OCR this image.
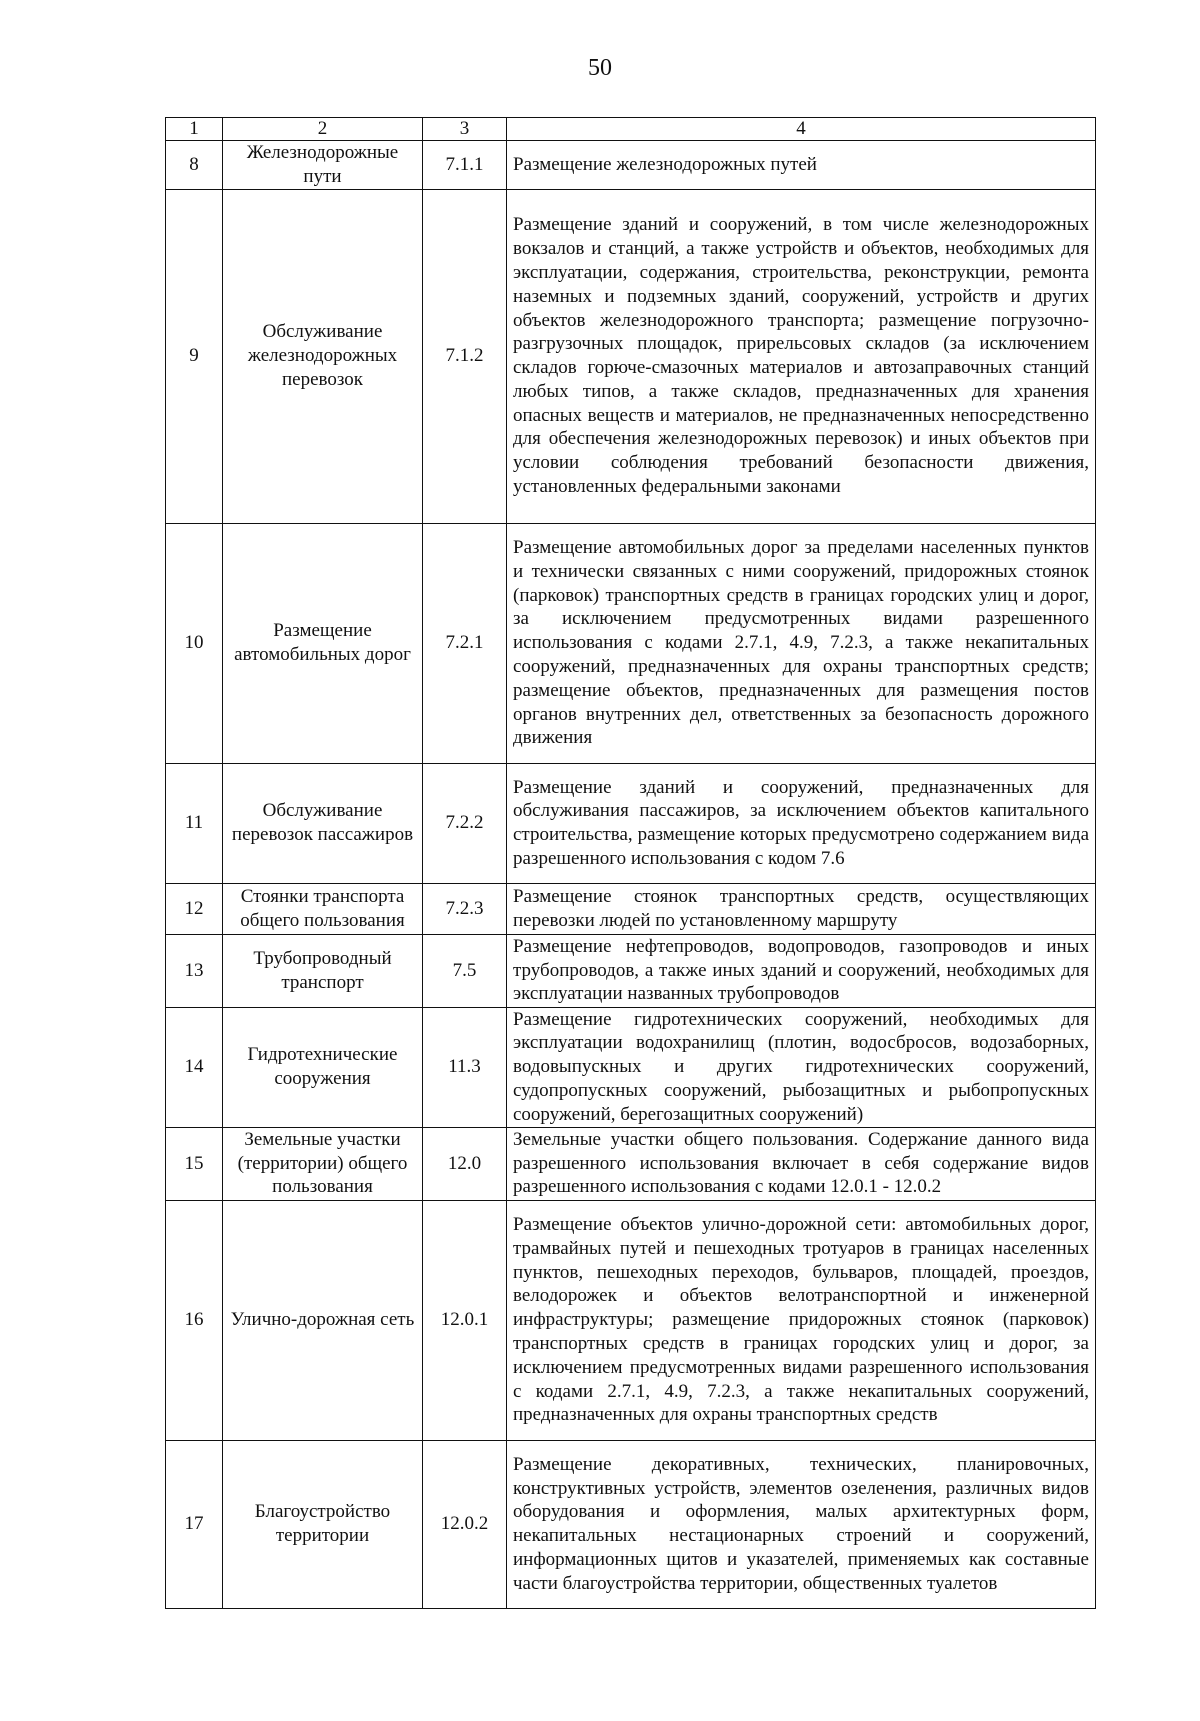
50
1	2	3	4
8	Железнодорожные пути	7.1.1	Размещение железнодорожных путей
9	Обслуживание железнодорожных перевозок	7.1.2	Размещение зданий и сооружений, в том числе железнодорожных вокзалов и станций, а также устройств и объектов, необходимых для эксплуатации, содержания, строительства, реконструкции, ремонта наземных и подземных зданий, сооружений, устройств и других объектов железнодорожного транспорта; размещение погрузочно-разгрузочных площадок, прирельсовых складов (за исключением складов горюче-смазочных материалов и автозаправочных станций любых типов, а также складов, предназначенных для хранения опасных веществ и материалов, не предназначенных непосредственно для обеспечения железнодорожных перевозок) и иных объектов при условии соблюдения требований безопасности движения, установленных федеральными законами
10	Размещение автомобильных дорог	7.2.1	Размещение автомобильных дорог за пределами населенных пунктов и технически связанных с ними сооружений, придорожных стоянок (парковок) транспортных средств в границах городских улиц и дорог, за исключением предусмотренных видами разрешенного использования с кодами 2.7.1, 4.9, 7.2.3, а также некапитальных сооружений, предназначенных для охраны транспортных средств; размещение объектов, предназначенных для размещения постов органов внутренних дел, ответственных за безопасность дорожного движения
11	Обслуживание перевозок пассажиров	7.2.2	Размещение зданий и сооружений, предназначенных для обслуживания пассажиров, за исключением объектов капитального строительства, размещение которых предусмотрено содержанием вида разрешенного использования с кодом 7.6
12	Стоянки транспорта общего пользования	7.2.3	Размещение стоянок транспортных средств, осуществляющих перевозки людей по установленному маршруту
13	Трубопроводный транспорт	7.5	Размещение нефтепроводов, водопроводов, газопроводов и иных трубопроводов, а также иных зданий и сооружений, необходимых для эксплуатации названных трубопроводов
14	Гидротехнические сооружения	11.3	Размещение гидротехнических сооружений, необходимых для эксплуатации водохранилищ (плотин, водосбросов, водозаборных, водовыпускных и других гидротехнических сооружений, судопропускных сооружений, рыбозащитных и рыбопропускных сооружений, берегозащитных сооружений)
15	Земельные участки (территории) общего пользования	12.0	Земельные участки общего пользования. Содержание данного вида разрешенного использования включает в себя содержание видов разрешенного использования с кодами 12.0.1 - 12.0.2
16	Улично-дорожная сеть	12.0.1	Размещение объектов улично-дорожной сети: автомобильных дорог, трамвайных путей и пешеходных тротуаров в границах населенных пунктов, пешеходных переходов, бульваров, площадей, проездов, велодорожек и объектов велотранспортной и инженерной инфраструктуры; размещение придорожных стоянок (парковок) транспортных средств в границах городских улиц и дорог, за исключением предусмотренных видами разрешенного использования с кодами 2.7.1, 4.9, 7.2.3, а также некапитальных сооружений, предназначенных для охраны транспортных средств
17	Благоустройство территории	12.0.2	Размещение декоративных, технических, планировочных, конструктивных устройств, элементов озеленения, различных видов оборудования и оформления, малых архитектурных форм, некапитальных нестационарных строений и сооружений, информационных щитов и указателей, применяемых как составные части благоустройства территории, общественных туалетов
